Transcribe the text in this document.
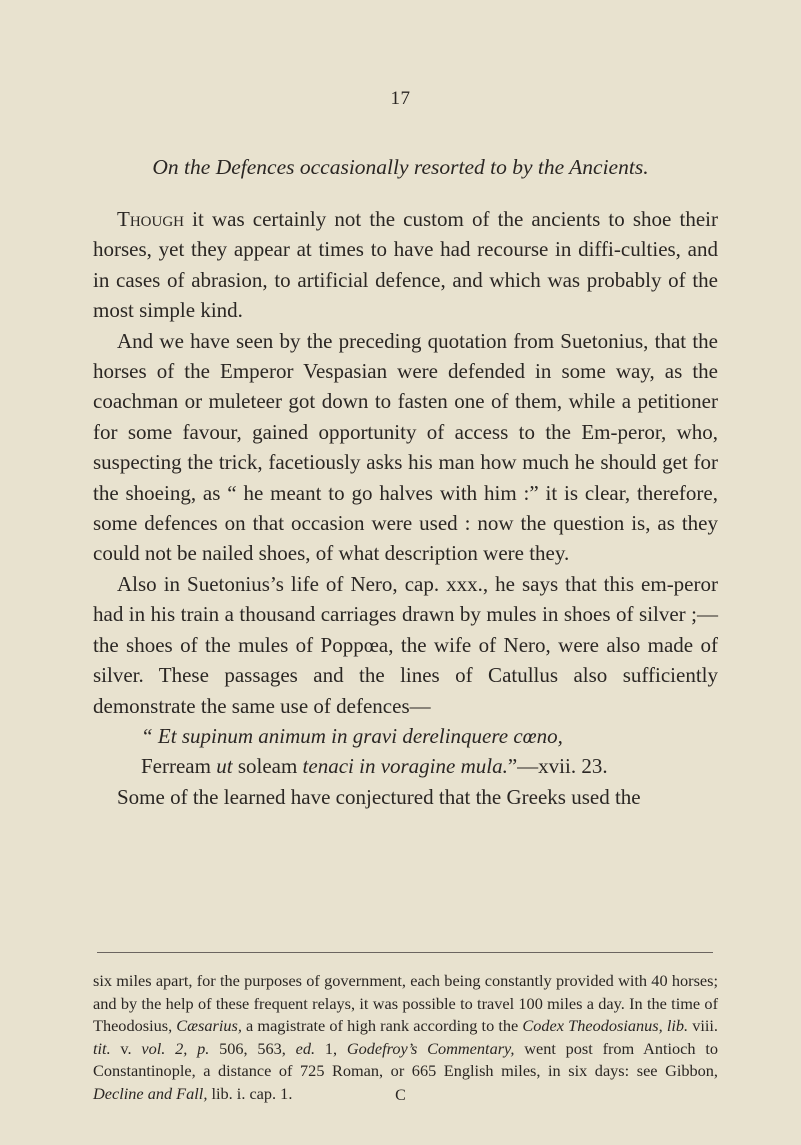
17
On the Defences occasionally resorted to by the Ancients.

Though it was certainly not the custom of the ancients to shoe their horses, yet they appear at times to have had recourse in diffi-culties, and in cases of abrasion, to artificial defence, and which was probably of the most simple kind.

And we have seen by the preceding quotation from Suetonius, that the horses of the Emperor Vespasian were defended in some way, as the coachman or muleteer got down to fasten one of them, while a petitioner for some favour, gained opportunity of access to the Em-peror, who, suspecting the trick, facetiously asks his man how much he should get for the shoeing, as “ he meant to go halves with him :” it is clear, therefore, some defences on that occasion were used : now the question is, as they could not be nailed shoes, of what description were they.

Also in Suetonius’s life of Nero, cap. xxx., he says that this em-peror had in his train a thousand carriages drawn by mules in shoes of silver ;—the shoes of the mules of Poppœa, the wife of Nero, were also made of silver. These passages and the lines of Catullus also sufficiently demonstrate the same use of defences—

“ Et supinum animum in gravi derelinquere cœno,
Ferream ut soleam tenaci in voragine mula.”—xvii. 23.

Some of the learned have conjectured that the Greeks used the

six miles apart, for the purposes of government, each being constantly provided with 40 horses; and by the help of these frequent relays, it was possible to travel 100 miles a day. In the time of Theodosius, Cæsarius, a magistrate of high rank according to the Codex Theodosianus, lib. viii. tit. v. vol. 2, p. 506, 563, ed. 1, Godefroy’s Commentary, went post from Antioch to Constantinople, a distance of 725 Roman, or 665 English miles, in six days: see Gibbon, Decline and Fall, lib. i. cap. 1.	C
